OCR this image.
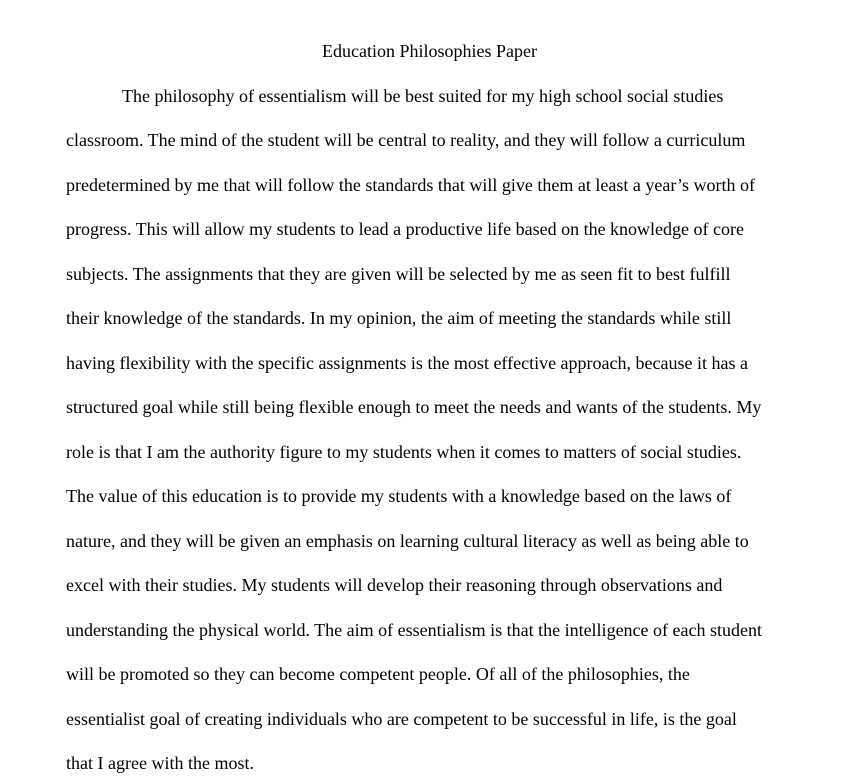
Education Philosophies Paper

The philosophy of essentialism will be best suited for my high school social studies

classroom. The mind of the student will be central to reality, and they will follow a curriculum

predetermined by me that will follow the standards that will give them at least a year’s worth of

progress. This will allow my students to lead a productive life based on the knowledge of core

subjects. The assignments that they are given will be selected by me as seen fit to best fulfill

their knowledge of the standards. In my opinion, the aim of meeting the standards while still

having flexibility with the specific assignments is the most effective approach, because it has a

structured goal while still being flexible enough to meet the needs and wants of the students. My

role is that I am the authority figure to my students when it comes to matters of social studies.

The value of this education is to provide my students with a knowledge based on the laws of

nature, and they will be given an emphasis on learning cultural literacy as well as being able to

excel with their studies. My students will develop their reasoning through observations and

understanding the physical world. The aim of essentialism is that the intelligence of each student

will be promoted so they can become competent people. Of all of the philosophies, the

essentialist goal of creating individuals who are competent to be successful in life, is the goal

that I agree with the most.
